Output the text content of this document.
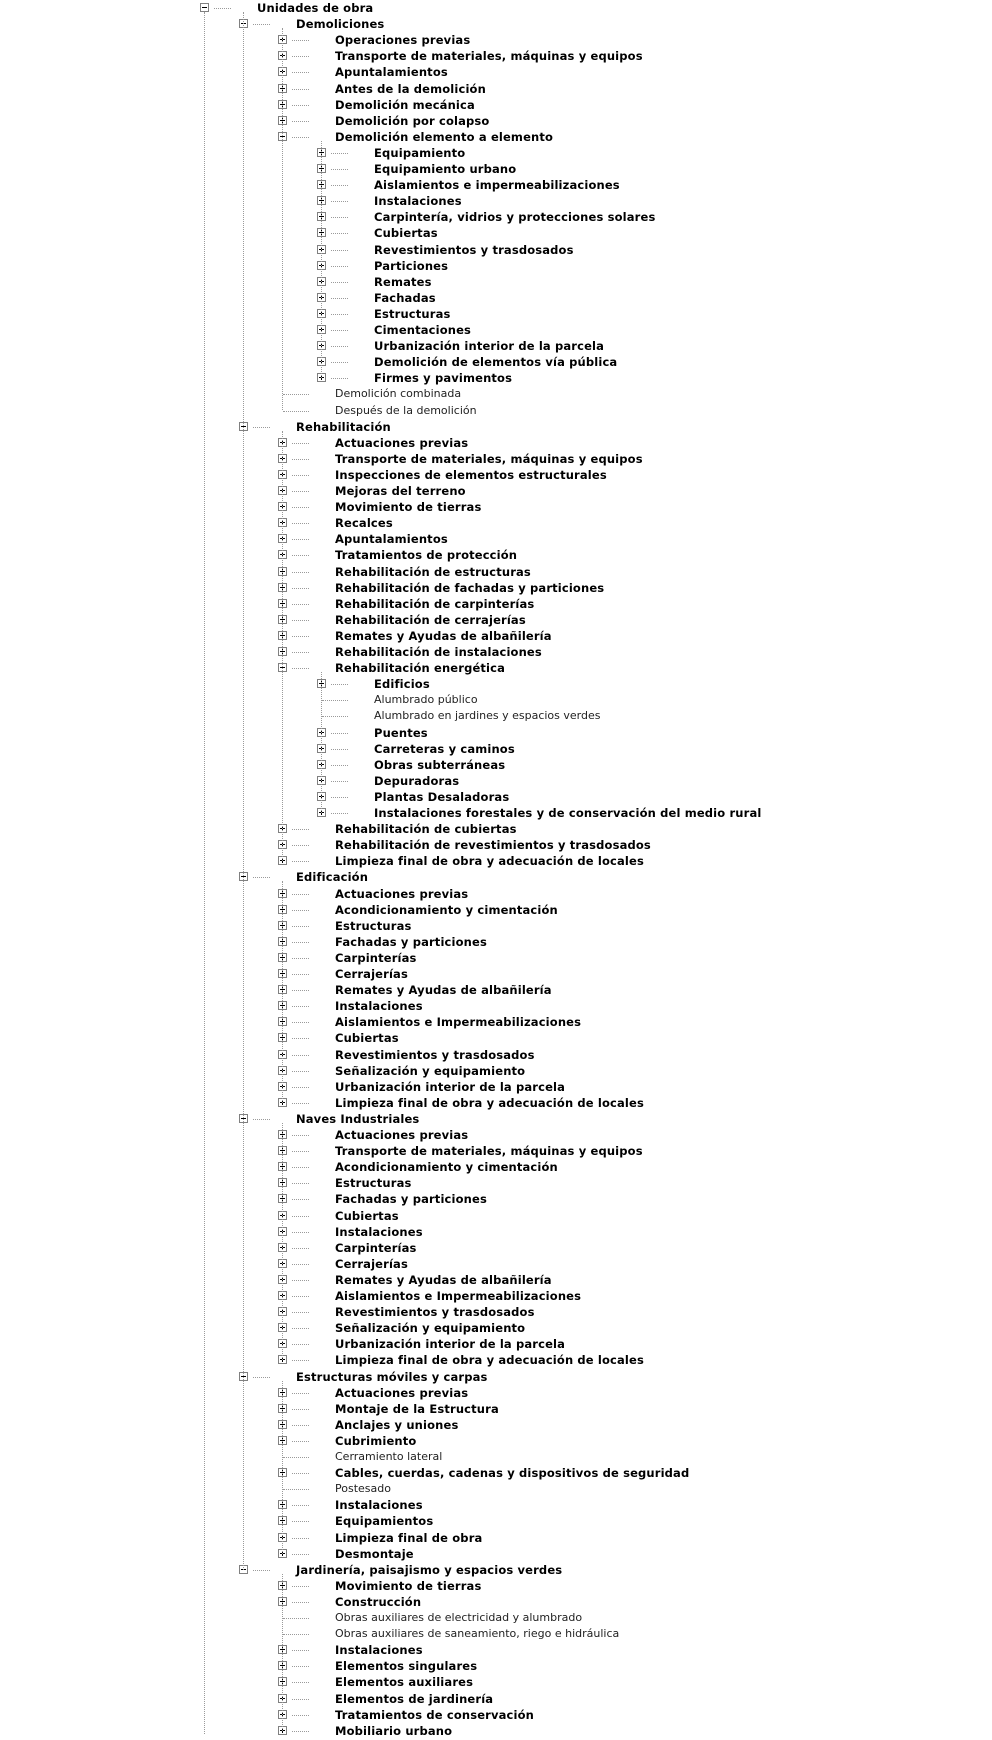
Unidades de obra
Demoliciones
Operaciones previas
Transporte de materiales, máquinas y equipos
Apuntalamientos
Antes de la demolición
Demolición mecánica
Demolición por colapso
Demolición elemento a elemento
Equipamiento
Equipamiento urbano
Aislamientos e impermeabilizaciones
Instalaciones
Carpintería, vidrios y protecciones solares
Cubiertas
Revestimientos y trasdosados
Particiones
Remates
Fachadas
Estructuras
Cimentaciones
Urbanización interior de la parcela
Demolición de elementos vía pública
Firmes y pavimentos
Demolición combinada
Después de la demolición
Rehabilitación
Actuaciones previas
Transporte de materiales, máquinas y equipos
Inspecciones de elementos estructurales
Mejoras del terreno
Movimiento de tierras
Recalces
Apuntalamientos
Tratamientos de protección
Rehabilitación de estructuras
Rehabilitación de fachadas y particiones
Rehabilitación de carpinterías
Rehabilitación de cerrajerías
Remates y Ayudas de albañilería
Rehabilitación de instalaciones
Rehabilitación energética
Edificios
Alumbrado público
Alumbrado en jardines y espacios verdes
Puentes
Carreteras y caminos
Obras subterráneas
Depuradoras
Plantas Desaladoras
Instalaciones forestales y de conservación del medio rural
Rehabilitación de cubiertas
Rehabilitación de revestimientos y trasdosados
Limpieza final de obra y adecuación de locales
Edificación
Actuaciones previas
Acondicionamiento y cimentación
Estructuras
Fachadas y particiones
Carpinterías
Cerrajerías
Remates y Ayudas de albañilería
Instalaciones
Aislamientos e Impermeabilizaciones
Cubiertas
Revestimientos y trasdosados
Señalización y equipamiento
Urbanización interior de la parcela
Limpieza final de obra y adecuación de locales
Naves Industriales
Actuaciones previas
Transporte de materiales, máquinas y equipos
Acondicionamiento y cimentación
Estructuras
Fachadas y particiones
Cubiertas
Instalaciones
Carpinterías
Cerrajerías
Remates y Ayudas de albañilería
Aislamientos e Impermeabilizaciones
Revestimientos y trasdosados
Señalización y equipamiento
Urbanización interior de la parcela
Limpieza final de obra y adecuación de locales
Estructuras móviles y carpas
Actuaciones previas
Montaje de la Estructura
Anclajes y uniones
Cubrimiento
Cerramiento lateral
Cables, cuerdas, cadenas y dispositivos de seguridad
Postesado
Instalaciones
Equipamientos
Limpieza final de obra
Desmontaje
Jardinería, paisajismo y espacios verdes
Movimiento de tierras
Construcción
Obras auxiliares de electricidad y alumbrado
Obras auxiliares de saneamiento, riego e hidráulica
Instalaciones
Elementos singulares
Elementos auxiliares
Elementos de jardinería
Tratamientos de conservación
Mobiliario urbano
